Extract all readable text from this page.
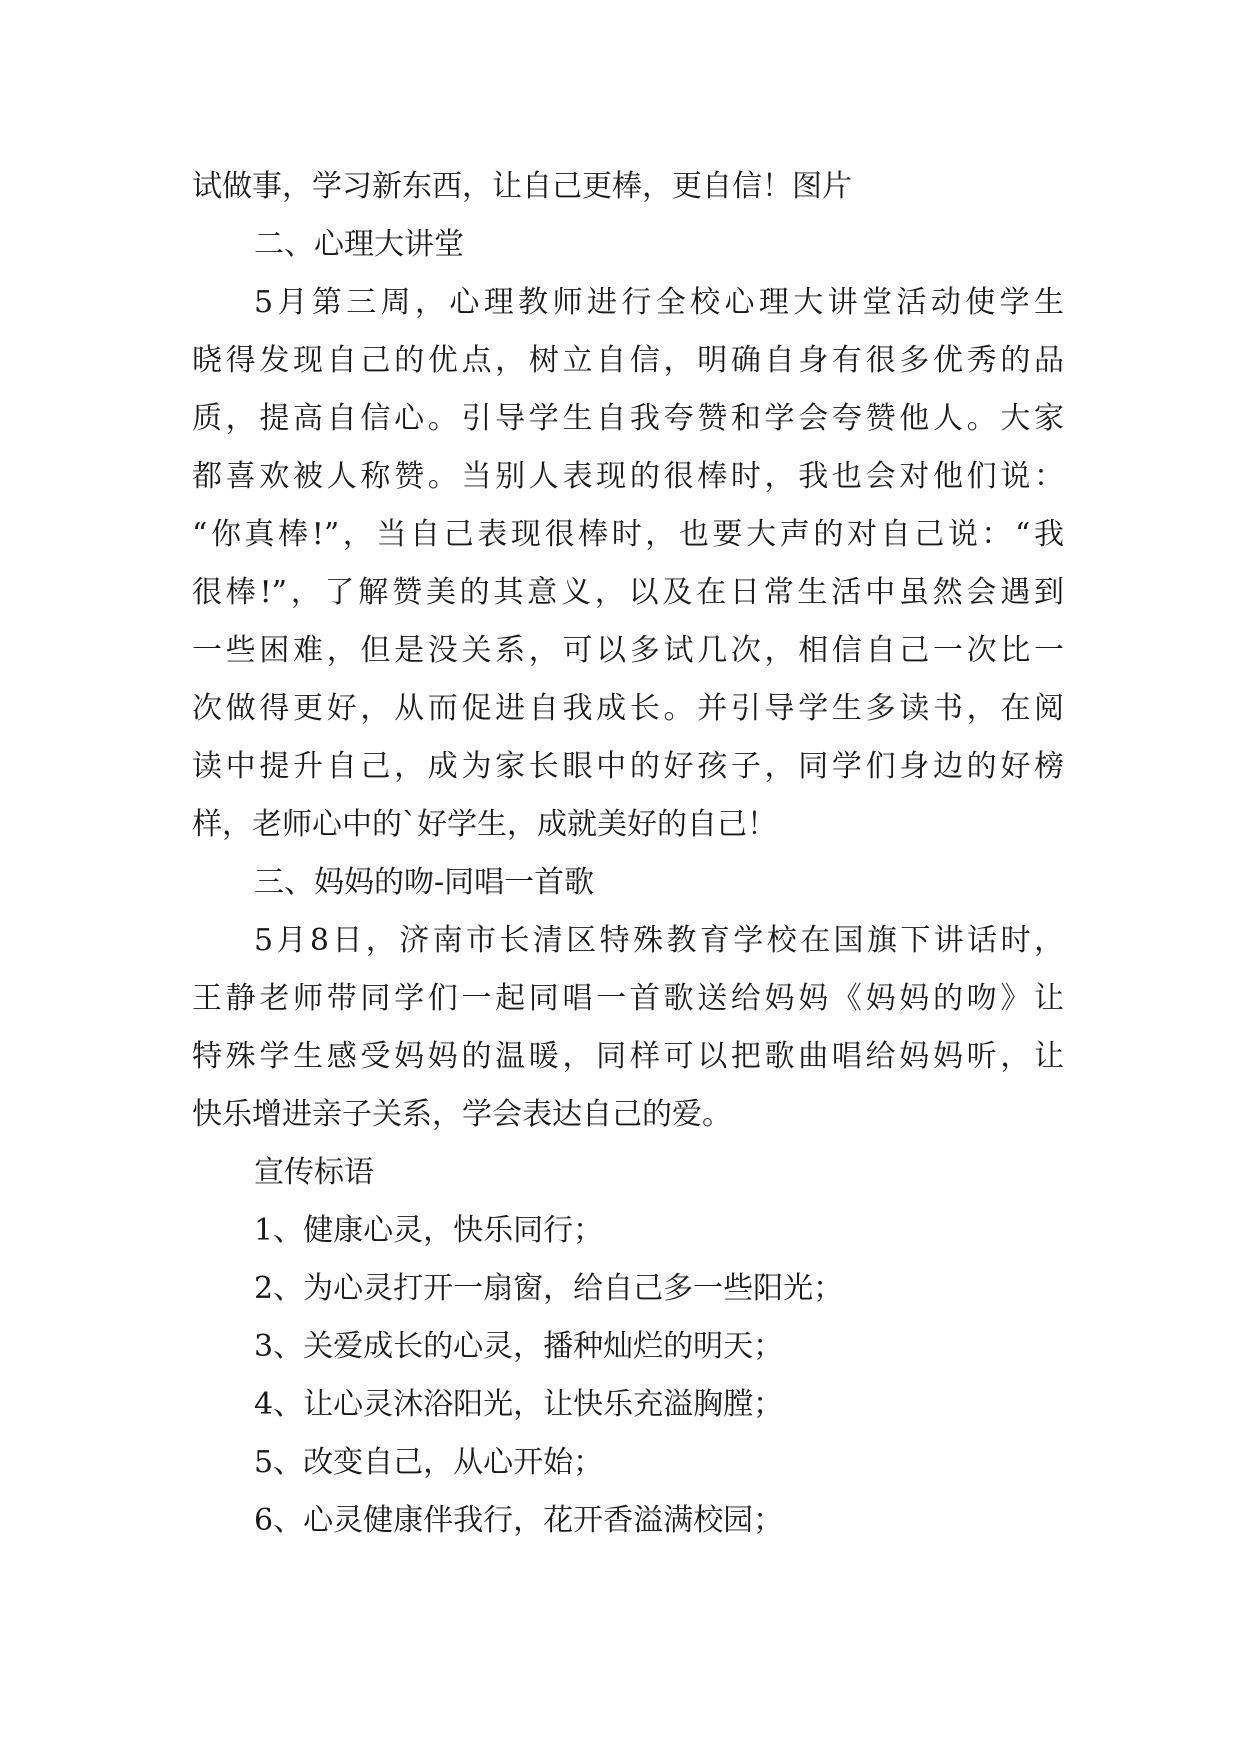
试做事，学习新东西，让自己更棒，更自信！图片
二、心理大讲堂
5月第三周，心理教师进行全校心理大讲堂活动使学生
晓得发现自己的优点，树立自信，明确自身有很多优秀的品
质，提高自信心。引导学生自我夸赞和学会夸赞他人。大家
都喜欢被人称赞。当别人表现的很棒时，我也会对他们说：
“你真棒!”，当自己表现很棒时，也要大声的对自己说：“我
很棒!”，了解赞美的其意义，以及在日常生活中虽然会遇到
一些困难，但是没关系，可以多试几次，相信自己一次比一
次做得更好，从而促进自我成长。并引导学生多读书，在阅
读中提升自己，成为家长眼中的好孩子，同学们身边的好榜
样，老师心中的`好学生，成就美好的自己！
三、妈妈的吻-同唱一首歌
5月8日，济南市长清区特殊教育学校在国旗下讲话时，
王静老师带同学们一起同唱一首歌送给妈妈《妈妈的吻》让
特殊学生感受妈妈的温暖，同样可以把歌曲唱给妈妈听，让
快乐增进亲子关系，学会表达自己的爱。
宣传标语
1、健康心灵，快乐同行；
2、为心灵打开一扇窗，给自己多一些阳光；
3、关爱成长的心灵，播种灿烂的明天；
4、让心灵沐浴阳光，让快乐充溢胸膛；
5、改变自己，从心开始；
6、心灵健康伴我行，花开香溢满校园；
